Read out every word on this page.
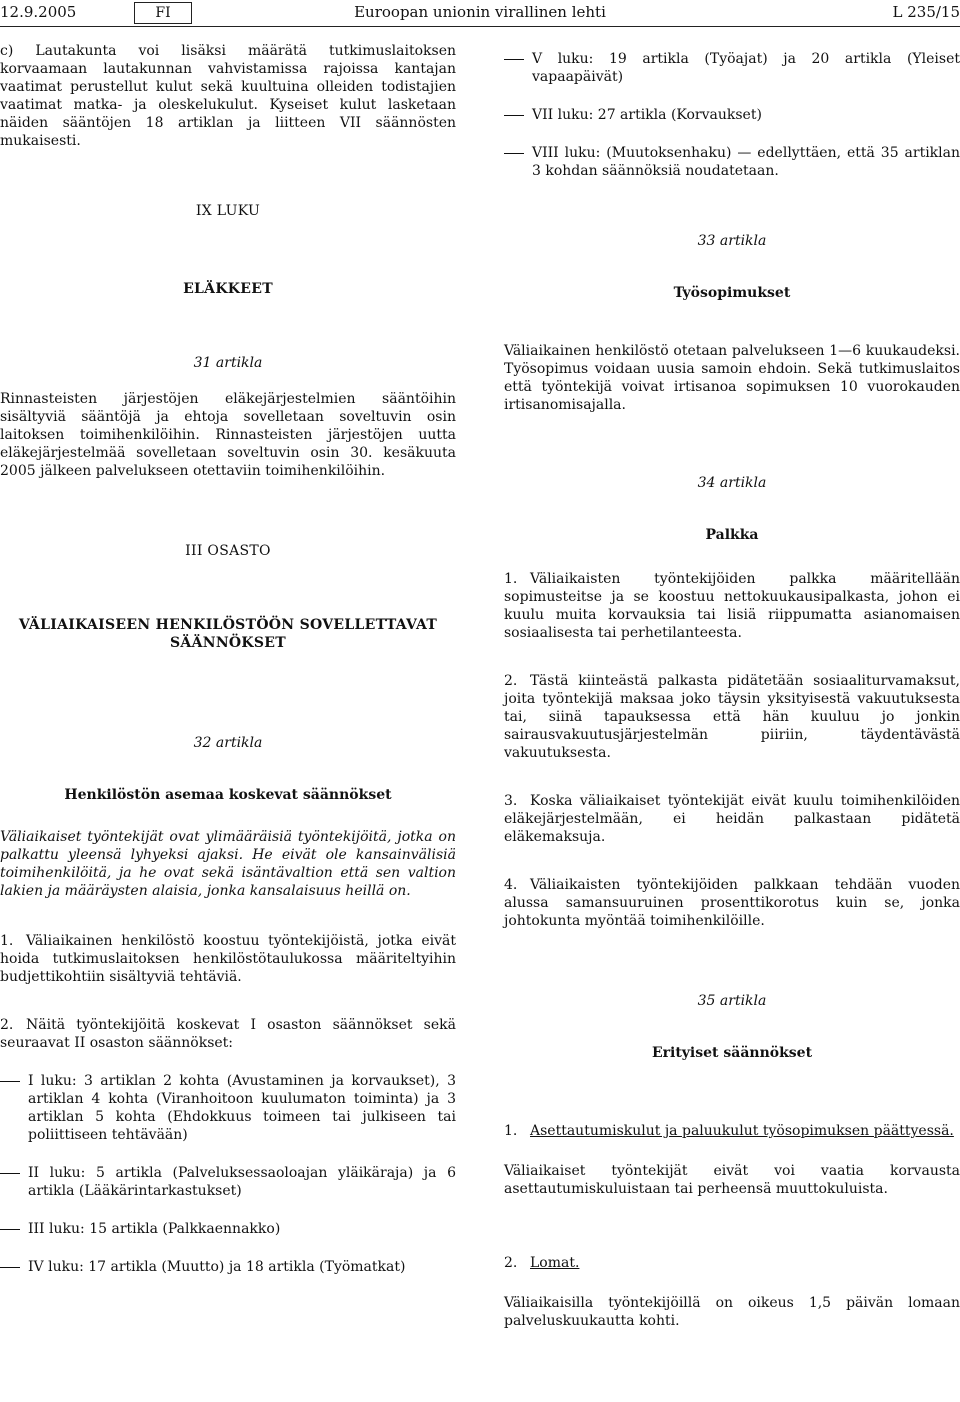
12.9.2005	FI	Euroopan unionin virallinen lehti	L 235/15

c) Lautakunta voi lisäksi määrätä tutkimuslaitoksen korvaamaan lautakunnan vahvistamissa rajoissa kantajan vaatimat perustellut kulut sekä kuultuina olleiden todistajien vaatimat matka- ja oleskelukulut. Kyseiset kulut lasketaan näiden sääntöjen 18 artiklan ja liitteen VII säännösten mukaisesti.

IX LUKU

ELÄKKEET

31 artikla

Rinnasteisten järjestöjen eläkejärjestelmien sääntöihin sisältyviä sääntöjä ja ehtoja sovelletaan soveltuvin osin laitoksen toimihenkilöihin. Rinnasteisten järjestöjen uutta eläkejärjestelmää sovelletaan soveltuvin osin 30. kesäkuuta 2005 jälkeen palvelukseen otettaviin toimihenkilöihin.

III OSASTO

VÄLIAIKAISEEN HENKILÖSTÖÖN SOVELLETTAVAT SÄÄNNÖKSET

32 artikla

Henkilöstön asemaa koskevat säännökset

Väliaikaiset työntekijät ovat ylimääräisiä työntekijöitä, jotka on palkattu yleensä lyhyeksi ajaksi. He eivät ole kansainvälisiä toimihenkilöitä, ja he ovat sekä isäntävaltion että sen valtion lakien ja määräysten alaisia, jonka kansalaisuus heillä on.

1. Väliaikainen henkilöstö koostuu työntekijöistä, jotka eivät hoida tutkimuslaitoksen henkilöstötaulukossa määriteltyihin budjettikohtiin sisältyviä tehtäviä.

2. Näitä työntekijöitä koskevat I osaston säännökset sekä seuraavat II osaston säännökset:

I luku: 3 artiklan 2 kohta (Avustaminen ja korvaukset), 3 artiklan 4 kohta (Viranhoitoon kuulumaton toiminta) ja 3 artiklan 5 kohta (Ehdokkuus toimeen tai julkiseen tai poliittiseen tehtävään)

II luku: 5 artikla (Palveluksessaoloajan yläikäraja) ja 6 artikla (Lääkärintarkastukset)

III luku: 15 artikla (Palkkaennakko)

IV luku: 17 artikla (Muutto) ja 18 artikla (Työmatkat)

V luku: 19 artikla (Työajat) ja 20 artikla (Yleiset vapaapäivät)

VII luku: 27 artikla (Korvaukset)

VIII luku: (Muutoksenhaku) — edellyttäen, että 35 artiklan 3 kohdan säännöksiä noudatetaan.

33 artikla

Työsopimukset

Väliaikainen henkilöstö otetaan palvelukseen 1—6 kuukaudeksi. Työsopimus voidaan uusia samoin ehdoin. Sekä tutkimuslaitos että työntekijä voivat irtisanoa sopimuksen 10 vuorokauden irtisanomisajalla.

34 artikla

Palkka

1. Väliaikaisten työntekijöiden palkka määritellään sopimusteitse ja se koostuu nettokuukausipalkasta, johon ei kuulu muita korvauksia tai lisiä riippumatta asianomaisen sosiaalisesta tai perhetilanteesta.

2. Tästä kiinteästä palkasta pidätetään sosiaaliturvamaksut, joita työntekijä maksaa joko täysin yksityisestä vakuutuksesta tai, siinä tapauksessa että hän kuuluu jo jonkin sairausvakuutusjärjestelmän piiriin, täydentävästä vakuutuksesta.

3. Koska väliaikaiset työntekijät eivät kuulu toimihenkilöiden eläkejärjestelmään, ei heidän palkastaan pidätetä eläkemaksuja.

4. Väliaikaisten työntekijöiden palkkaan tehdään vuoden alussa samansuuruinen prosenttikorotus kuin se, jonka johtokunta myöntää toimihenkilöille.

35 artikla

Erityiset säännökset

1. Asettautumiskulut ja paluukulut työsopimuksen päättyessä.

Väliaikaiset työntekijät eivät voi vaatia korvausta asettautumiskuluistaan tai perheensä muuttokuluista.

2. Lomat.

Väliaikaisilla työntekijöillä on oikeus 1,5 päivän lomaan palveluskuukautta kohti.
